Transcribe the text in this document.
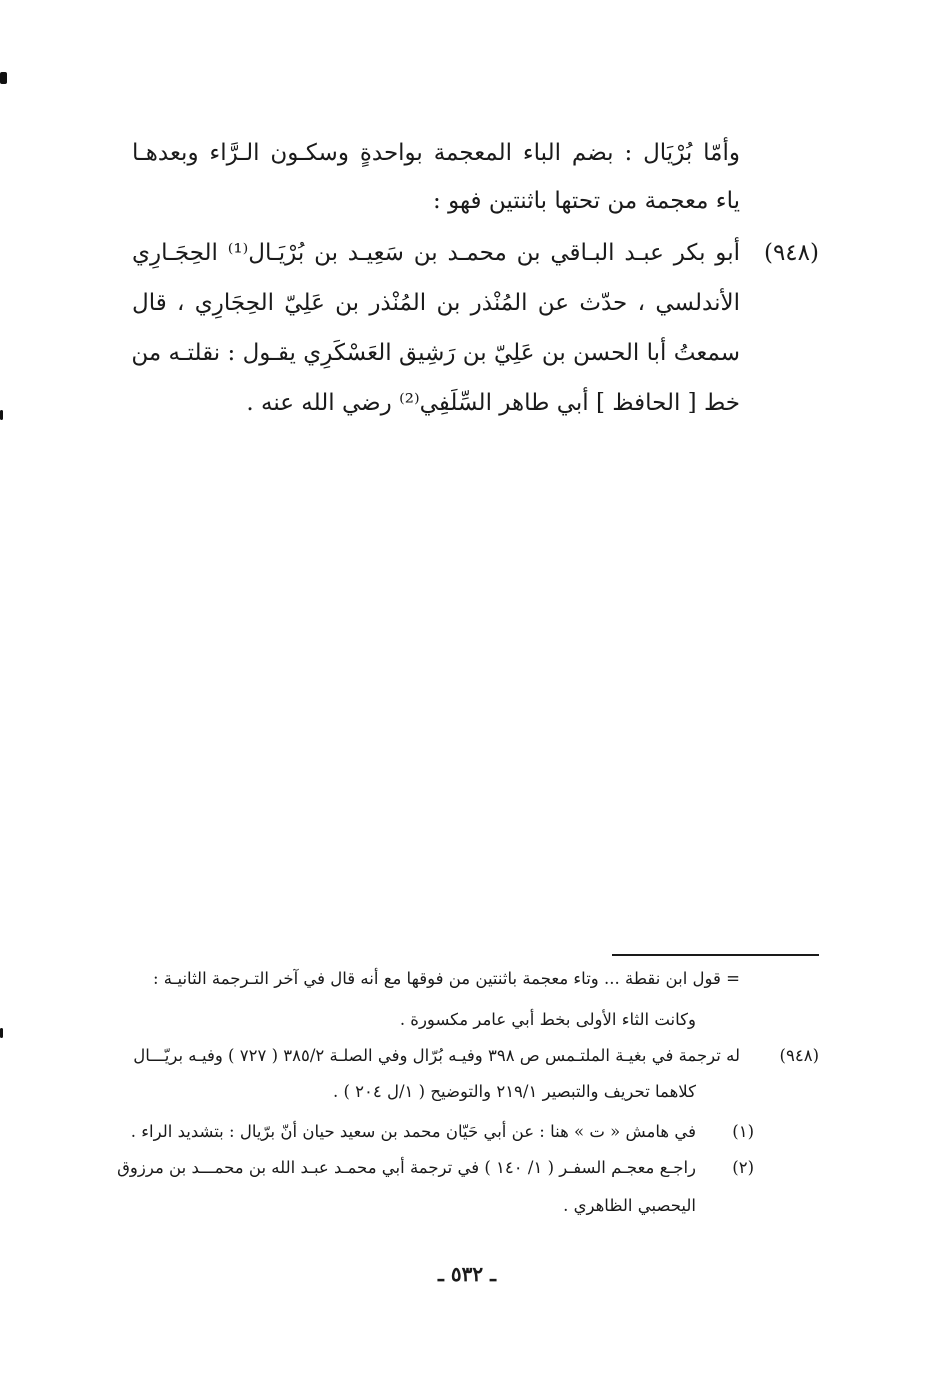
وأمّا بُرْيَال : بضم الباء المعجمة بواحدةٍ وسكـون الـرَّاء وبعدهـا
ياء معجمة من تحتها باثنتين فهو :
(٩٤٨)
أبو بكر عبـد البـاقي بن محمـد بن سَعِيـد بن بُرْيَـال⁽¹⁾ الحِجَـارِي
الأندلسي ، حدّث عن المُنْذر بن المُنْذر بن عَلِيّ الحِجَارِي ، قال
سمعتُ أبا الحسن بن عَلِيّ بن رَشِيق العَسْكَرِي يقـول : نقلتـه من
خط [ الحافظ ] أبي طاهر السِّلَفِي⁽²⁾ رضي الله عنه .
= قول ابن نقطة ... وتاء معجمة باثنتين من فوقها مع أنه قال في آخر التـرجمة الثانيـة :
وكانت الثاء الأولى بخط أبي عامر مكسورة .
(٩٤٨)
له ترجمة في بغيـة الملتـمس ص ٣٩٨ وفيـه بُرّال وفي الصلـة ٣٨٥/٢ ( ٧٢٧ ) وفيـه بريّـــال
كلاهما تحريف والتبصير ٢١٩/١ والتوضيح ( ١/ل ٢٠٤ ) .
(١)
في هامش « ت » هنا : عن أبي حَيّان محمد بن سعيد حيان أنّ برّيال : بتشديد الراء .
(٢)
راجـع معجـم السفـر ( ١/ ١٤٠ ) في ترجمة أبي محمـد عبـد الله بن محمـــد بن مرزوق
اليحصبي الظاهري .
ـ ٥٣٢ ـ
